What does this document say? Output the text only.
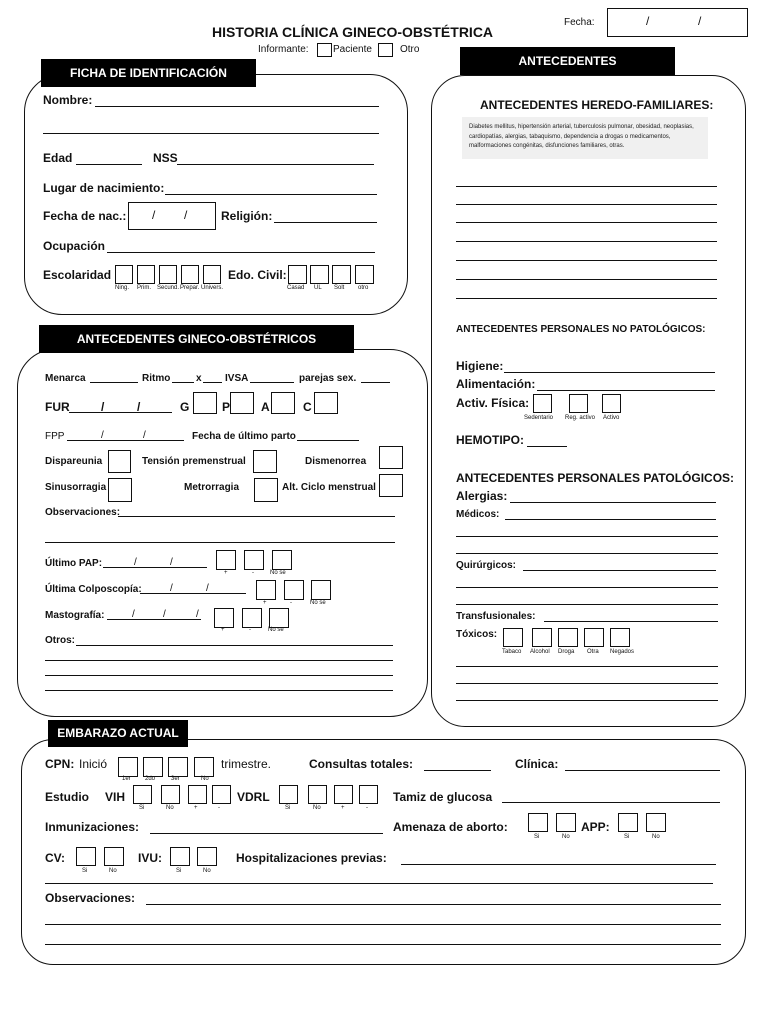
HISTORIA CLÍNICA GINECO-OBSTÉTRICA
Informante: Paciente	Otro
Fecha:	/	/
FICHA DE IDENTIFICACIÓN
Nombre:
Edad	NSS
Lugar de nacimiento:
Fecha de nac.: / /	Religión:
Ocupación
Escolaridad
Ning. Prim. Secund. Prepar. Univers.
Edo. Civil:
Casad UL Solt otro
ANTECEDENTES GINECO-OBSTÉTRICOS
Menarca	Ritmo	x IVSA	parejas sex.
FUR	/	/	G	P	A	C
FPP	/	/	Fecha de último parto
Dispareunia	Tensión premenstrual	Dismenorrea
Sinusorragia	Metrorragia	Alt. Ciclo menstrual
Observaciones:
Último PAP:	/	/
+	-	No se
Última Colposcopía:	/	/
+	-	No se
Mastografía:	/	/	/
+	-	No se
Otros:
ANTECEDENTES
ANTECEDENTES HEREDO-FAMILIARES:
Diabetes mellitus, hipertensión arterial, tuberculosis pulmonar, obesidad, neoplasias, cardiopatías, alergias, tabaquismo, dependencia a drogas o medicamentos, malformaciones congénitas, disfunciones familiares, otras.
ANTECEDENTES PERSONALES NO PATOLÓGICOS:
Higiene:
Alimentación:
Activ. Física:
Sedentario Reg. activo Activo
HEMOTIPO:
ANTECEDENTES PERSONALES PATOLÓGICOS:
Alergias:
Médicos:
Quirúrgicos:
Transfusionales:
Tóxicos:
Tabaco Alcohol Droga Otra Negados
EMBARAZO ACTUAL
CPN: Inició
1er 2do	3er	No
trimestre.	Consultas totales:	Clínica:
Estudio VIH
Si	No	+	-
VDRL
Si	No	+	-
Tamiz de glucosa
Inmunizaciones:	Amenaza de aborto:
Si	No
APP:
Si	No
CV:
Si	No
IVU:
Si	No
Hospitalizaciones previas:
Observaciones:
